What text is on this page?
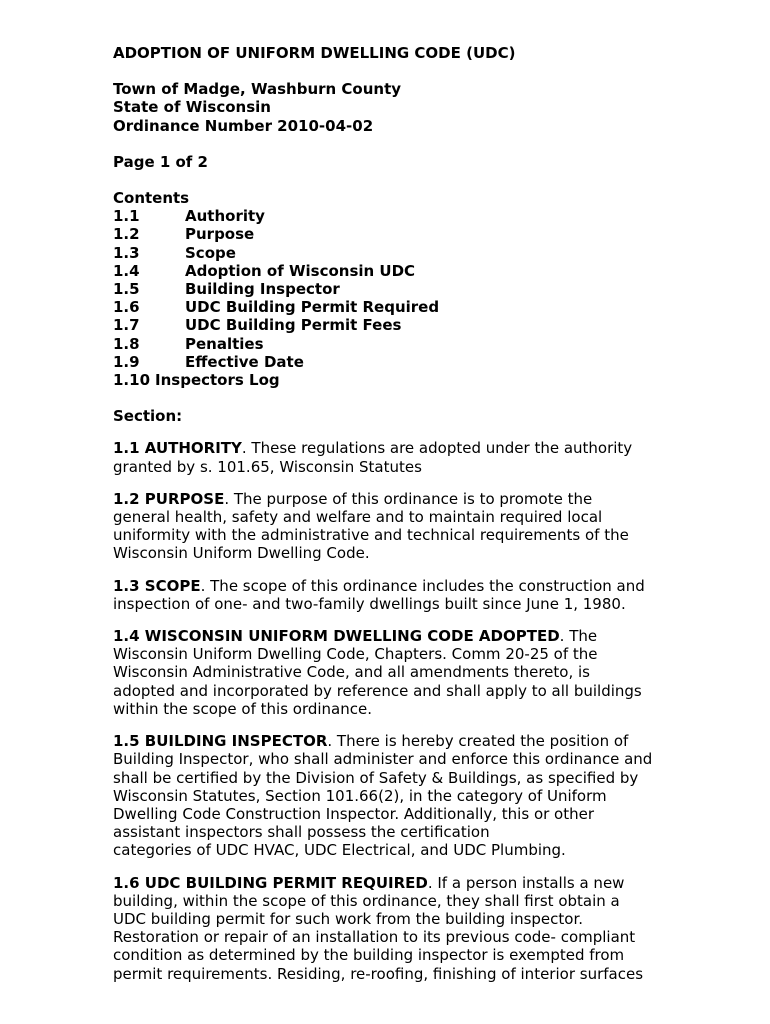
ADOPTION OF UNIFORM DWELLING CODE (UDC)
Town of Madge, Washburn County
State of Wisconsin
Ordinance Number 2010-04-02
Page 1 of 2
Contents
1.1	Authority
1.2	Purpose
1.3	Scope
1.4	Adoption of Wisconsin UDC
1.5	Building Inspector
1.6	UDC Building Permit Required
1.7	UDC Building Permit Fees
1.8	Penalties
1.9	Effective Date
1.10 Inspectors Log
Section:
1.1 AUTHORITY. These regulations are adopted under the authority
granted by s. 101.65, Wisconsin Statutes
1.2 PURPOSE. The purpose of this ordinance is to promote the
general health, safety and welfare and to maintain required local
uniformity with the administrative and technical requirements of the
Wisconsin Uniform Dwelling Code.
1.3 SCOPE. The scope of this ordinance includes the construction and
inspection of one- and two-family dwellings built since June 1, 1980.
1.4 WISCONSIN UNIFORM DWELLING CODE ADOPTED. The
Wisconsin Uniform Dwelling Code, Chapters. Comm 20-25 of the
Wisconsin Administrative Code, and all amendments thereto, is
adopted and incorporated by reference and shall apply to all buildings
within the scope of this ordinance.
1.5 BUILDING INSPECTOR. There is hereby created the position of
Building Inspector, who shall administer and enforce this ordinance and
shall be certified by the Division of Safety & Buildings, as specified by
Wisconsin Statutes, Section 101.66(2), in the category of Uniform
Dwelling Code Construction Inspector. Additionally, this or other
assistant inspectors shall possess the certification
categories of UDC HVAC, UDC Electrical, and UDC Plumbing.
1.6 UDC BUILDING PERMIT REQUIRED. If a person installs a new
building, within the scope of this ordinance, they shall first obtain a
UDC building permit for such work from the building inspector.
Restoration or repair of an installation to its previous code- compliant
condition as determined by the building inspector is exempted from
permit requirements. Residing, re-roofing, finishing of interior surfaces
